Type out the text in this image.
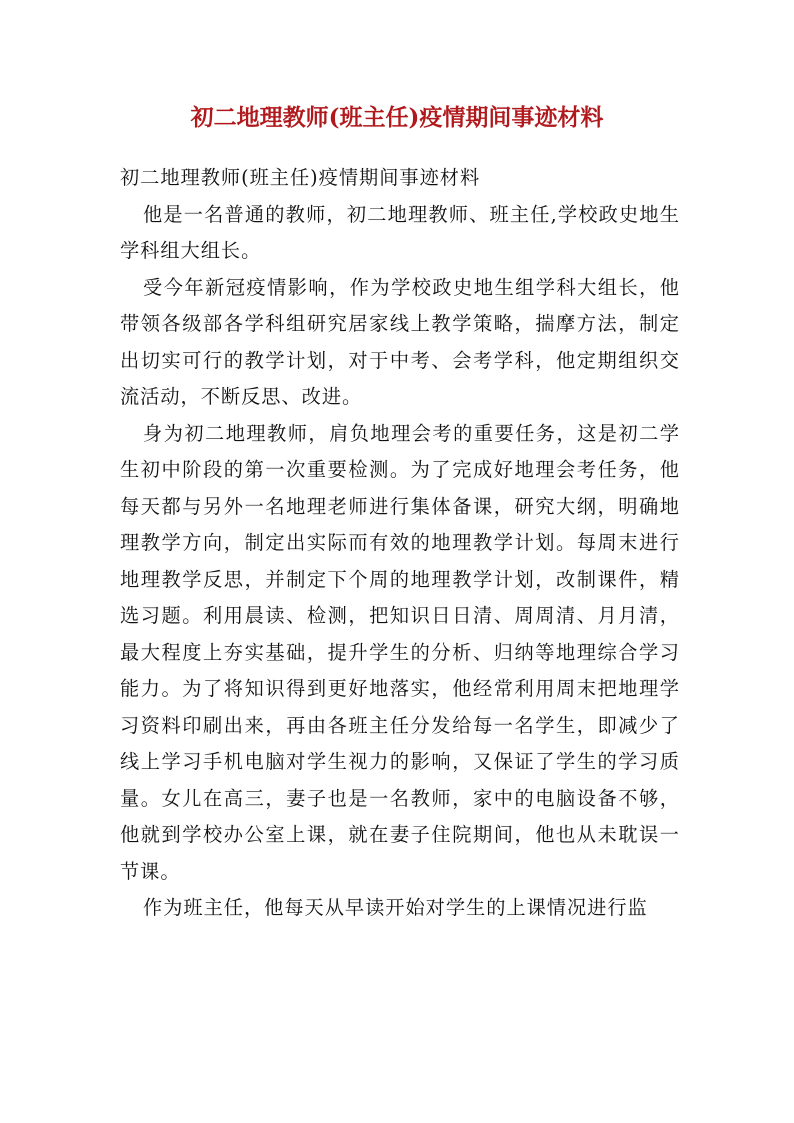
初二地理教师(班主任)疫情期间事迹材料

初二地理教师(班主任)疫情期间事迹材料

他是一名普通的教师，初二地理教师、班主任,学校政史地生学科组大组长。

受今年新冠疫情影响，作为学校政史地生组学科大组长，他带领各级部各学科组研究居家线上教学策略，揣摩方法，制定出切实可行的教学计划，对于中考、会考学科，他定期组织交流活动，不断反思、改进。

身为初二地理教师，肩负地理会考的重要任务，这是初二学生初中阶段的第一次重要检测。为了完成好地理会考任务，他每天都与另外一名地理老师进行集体备课，研究大纲，明确地理教学方向，制定出实际而有效的地理教学计划。每周末进行地理教学反思，并制定下个周的地理教学计划，改制课件，精选习题。利用晨读、检测，把知识日日清、周周清、月月清，最大程度上夯实基础，提升学生的分析、归纳等地理综合学习能力。为了将知识得到更好地落实，他经常利用周末把地理学习资料印刷出来，再由各班主任分发给每一名学生，即减少了线上学习手机电脑对学生视力的影响，又保证了学生的学习质量。女儿在高三，妻子也是一名教师，家中的电脑设备不够，他就到学校办公室上课，就在妻子住院期间，他也从未耽误一节课。

作为班主任，他每天从早读开始对学生的上课情况进行监
